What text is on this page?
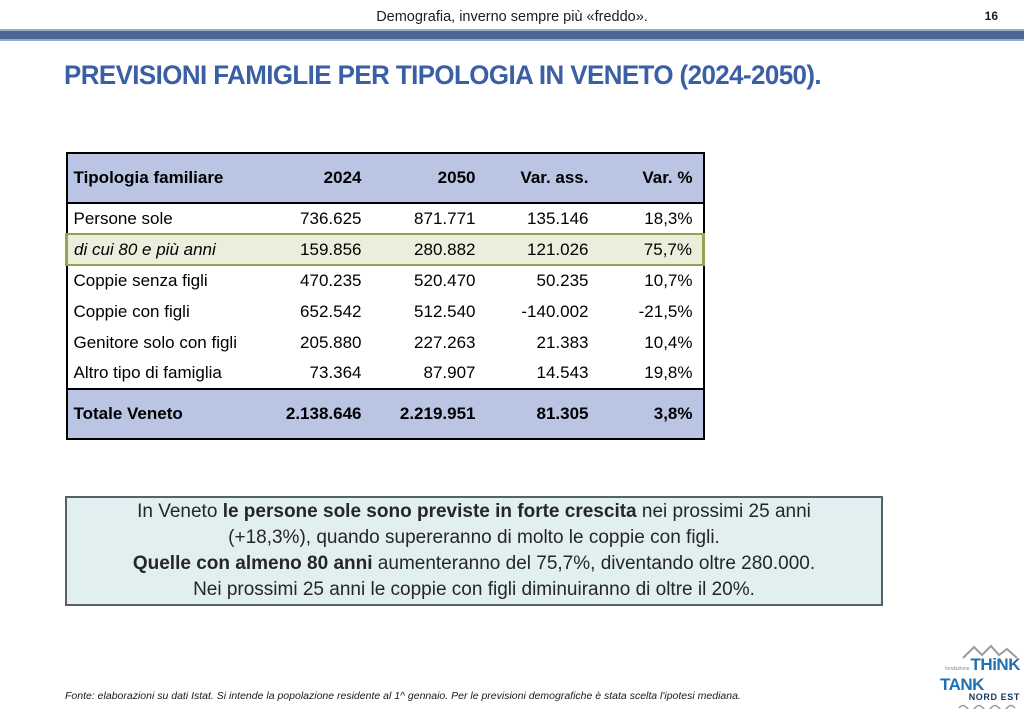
Demografia, inverno sempre più «freddo».	16
PREVISIONI FAMIGLIE PER TIPOLOGIA IN VENETO (2024-2050).
Tipologia familiare	2024	2050	Var. ass.	Var. %
Persone sole	736.625	871.771	135.146	18,3%
di cui 80 e più anni	159.856	280.882	121.026	75,7%
Coppie senza figli	470.235	520.470	50.235	10,7%
Coppie con figli	652.542	512.540	-140.002	-21,5%
Genitore solo con figli	205.880	227.263	21.383	10,4%
Altro tipo di famiglia	73.364	87.907	14.543	19,8%
Totale Veneto	2.138.646	2.219.951	81.305	3,8%
In Veneto le persone sole sono previste in forte crescita nei prossimi 25 anni
(+18,3%), quando supereranno di molto le coppie con figli.
Quelle con almeno 80 anni aumenteranno del 75,7%, diventando oltre 280.000.
Nei prossimi 25 anni le coppie con figli diminuiranno di oltre il 20%.
Fonte: elaborazioni su dati Istat. Si intende la popolazione residente al 1^ gennaio. Per le previsioni demografiche è stata scelta l'ipotesi mediana.
fondazione THiNK
TANK
NORD EST
